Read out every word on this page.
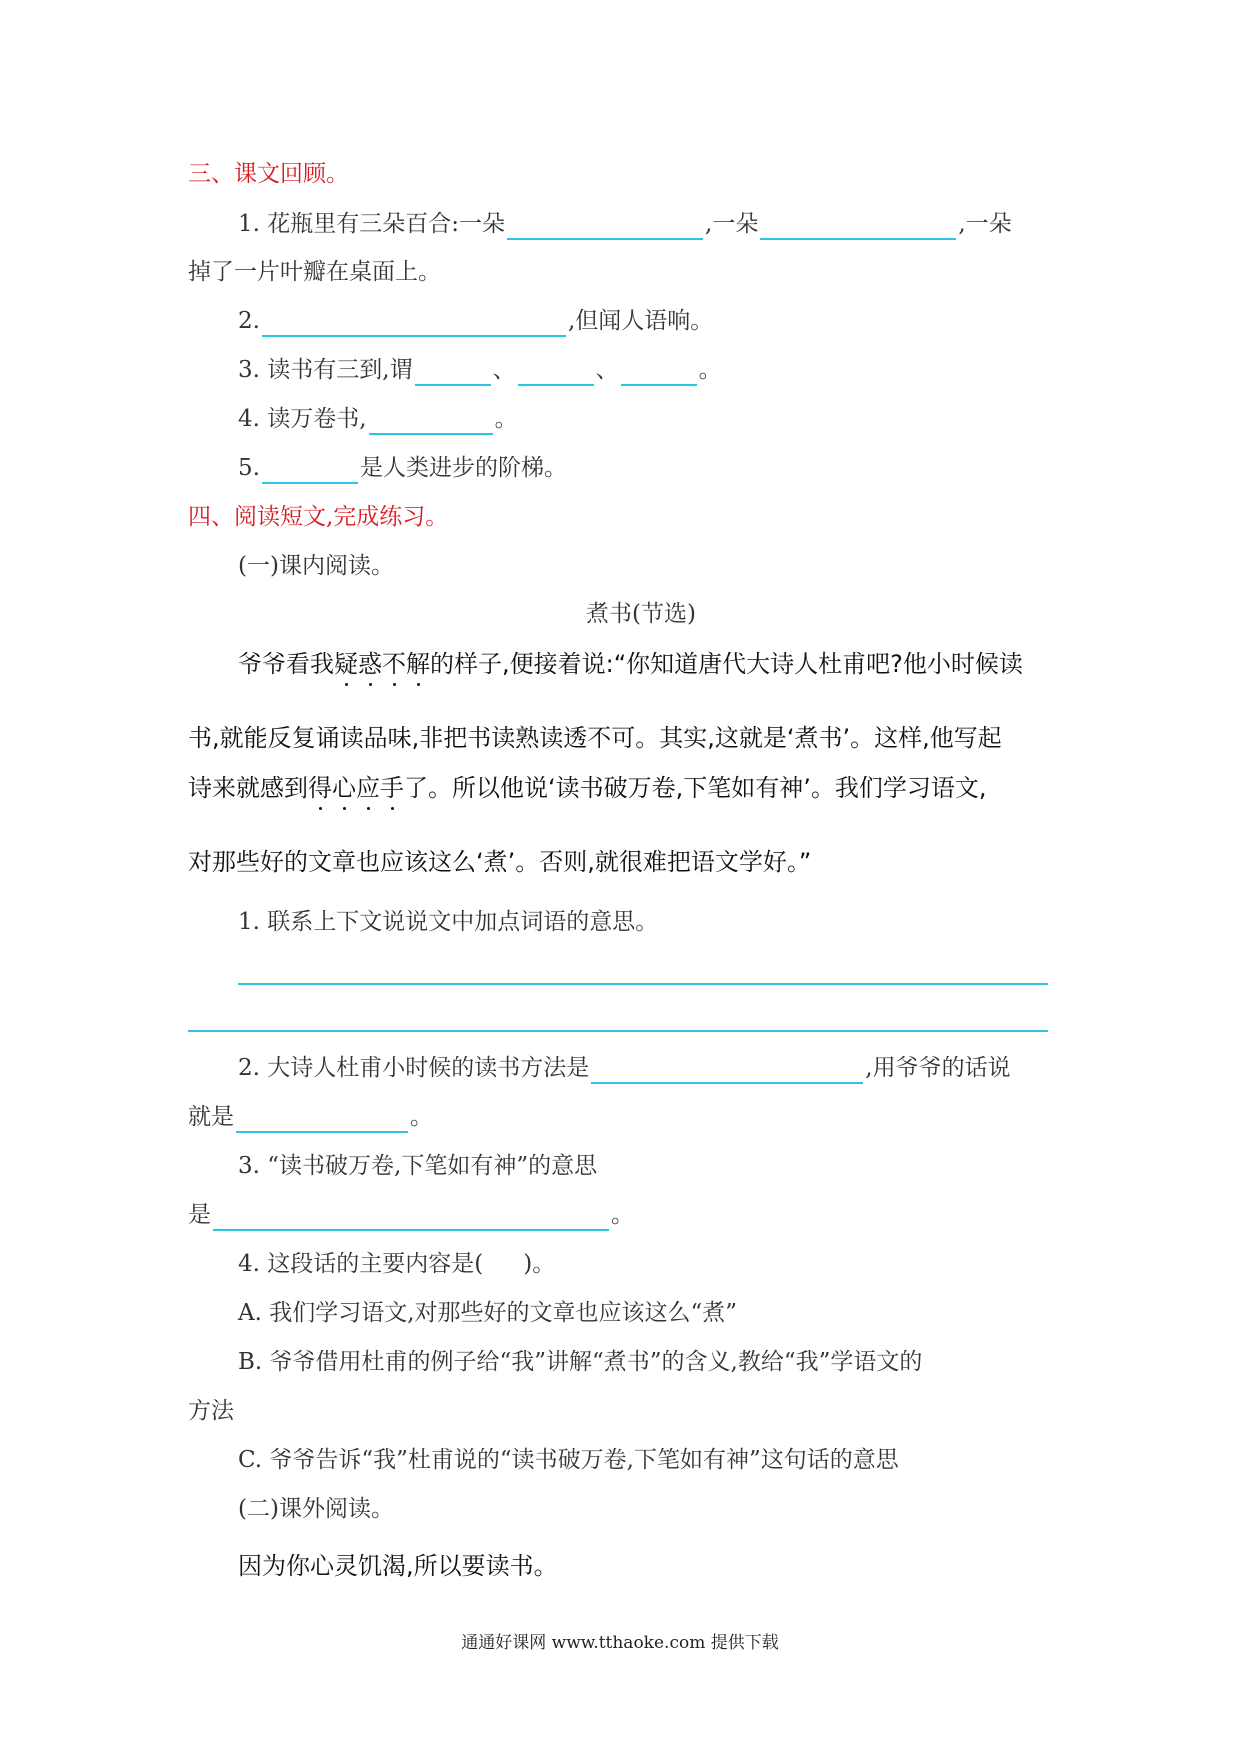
三、课文回顾。
1. 花瓶里有三朵百合:一朵	,一朵	,一朵
掉了一片叶瓣在桌面上。
2.	,但闻人语响。
3. 读书有三到,谓	、	、	。
4. 读万卷书,	。
5.	是人类进步的阶梯。
四、阅读短文,完成练习。
(一)课内阅读。
煮书(节选)
爷爷看我疑惑不解的样子,便接着说:“你知道唐代大诗人杜甫吧?他小时候读
书,就能反复诵读品味,非把书读熟读透不可。其实,这就是‘煮书’。这样,他写起
诗来就感到得心应手了。所以他说‘读书破万卷,下笔如有神’。我们学习语文,
对那些好的文章也应该这么‘煮’。否则,就很难把语文学好。”
1. 联系上下文说说文中加点词语的意思。
2. 大诗人杜甫小时候的读书方法是	,用爷爷的话说
就是	。
3. “读书破万卷,下笔如有神”的意思
是	。
4. 这段话的主要内容是( )。
A. 我们学习语文,对那些好的文章也应该这么“煮”
B. 爷爷借用杜甫的例子给“我”讲解“煮书”的含义,教给“我”学语文的
方法
C. 爷爷告诉“我”杜甫说的“读书破万卷,下笔如有神”这句话的意思
(二)课外阅读。
因为你心灵饥渴,所以要读书。
通通好课网 www.tthaoke.com 提供下载
